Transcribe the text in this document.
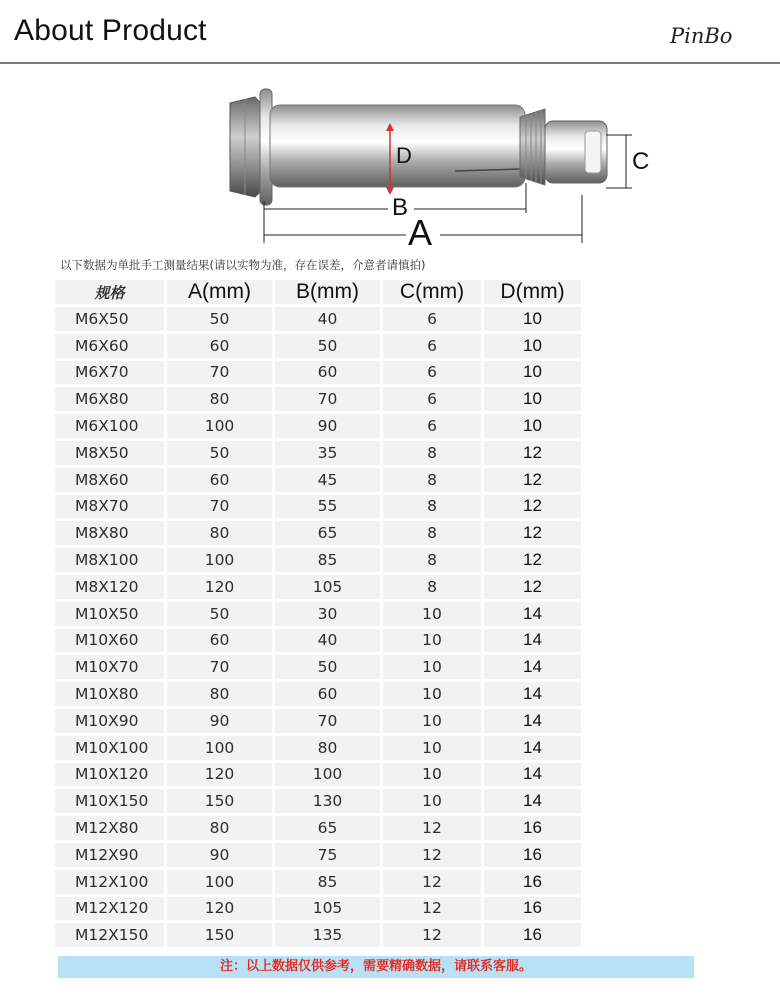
About Product	PinBo
C
D
B
A
以下数据为单批手工测量结果(请以实物为准，存在误差，介意者请慎拍)
规格	A(mm)	B(mm)	C(mm)	D(mm)
M6X50	50	40	6	10
M6X60	60	50	6	10
M6X70	70	60	6	10
M6X80	80	70	6	10
M6X100	100	90	6	10
M8X50	50	35	8	12
M8X60	60	45	8	12
M8X70	70	55	8	12
M8X80	80	65	8	12
M8X100	100	85	8	12
M8X120	120	105	8	12
M10X50	50	30	10	14
M10X60	60	40	10	14
M10X70	70	50	10	14
M10X80	80	60	10	14
M10X90	90	70	10	14
M10X100	100	80	10	14
M10X120	120	100	10	14
M10X150	150	130	10	14
M12X80	80	65	12	16
M12X90	90	75	12	16
M12X100	100	85	12	16
M12X120	120	105	12	16
M12X150	150	135	12	16
注：以上数据仅供参考，需要精确数据，请联系客服。
